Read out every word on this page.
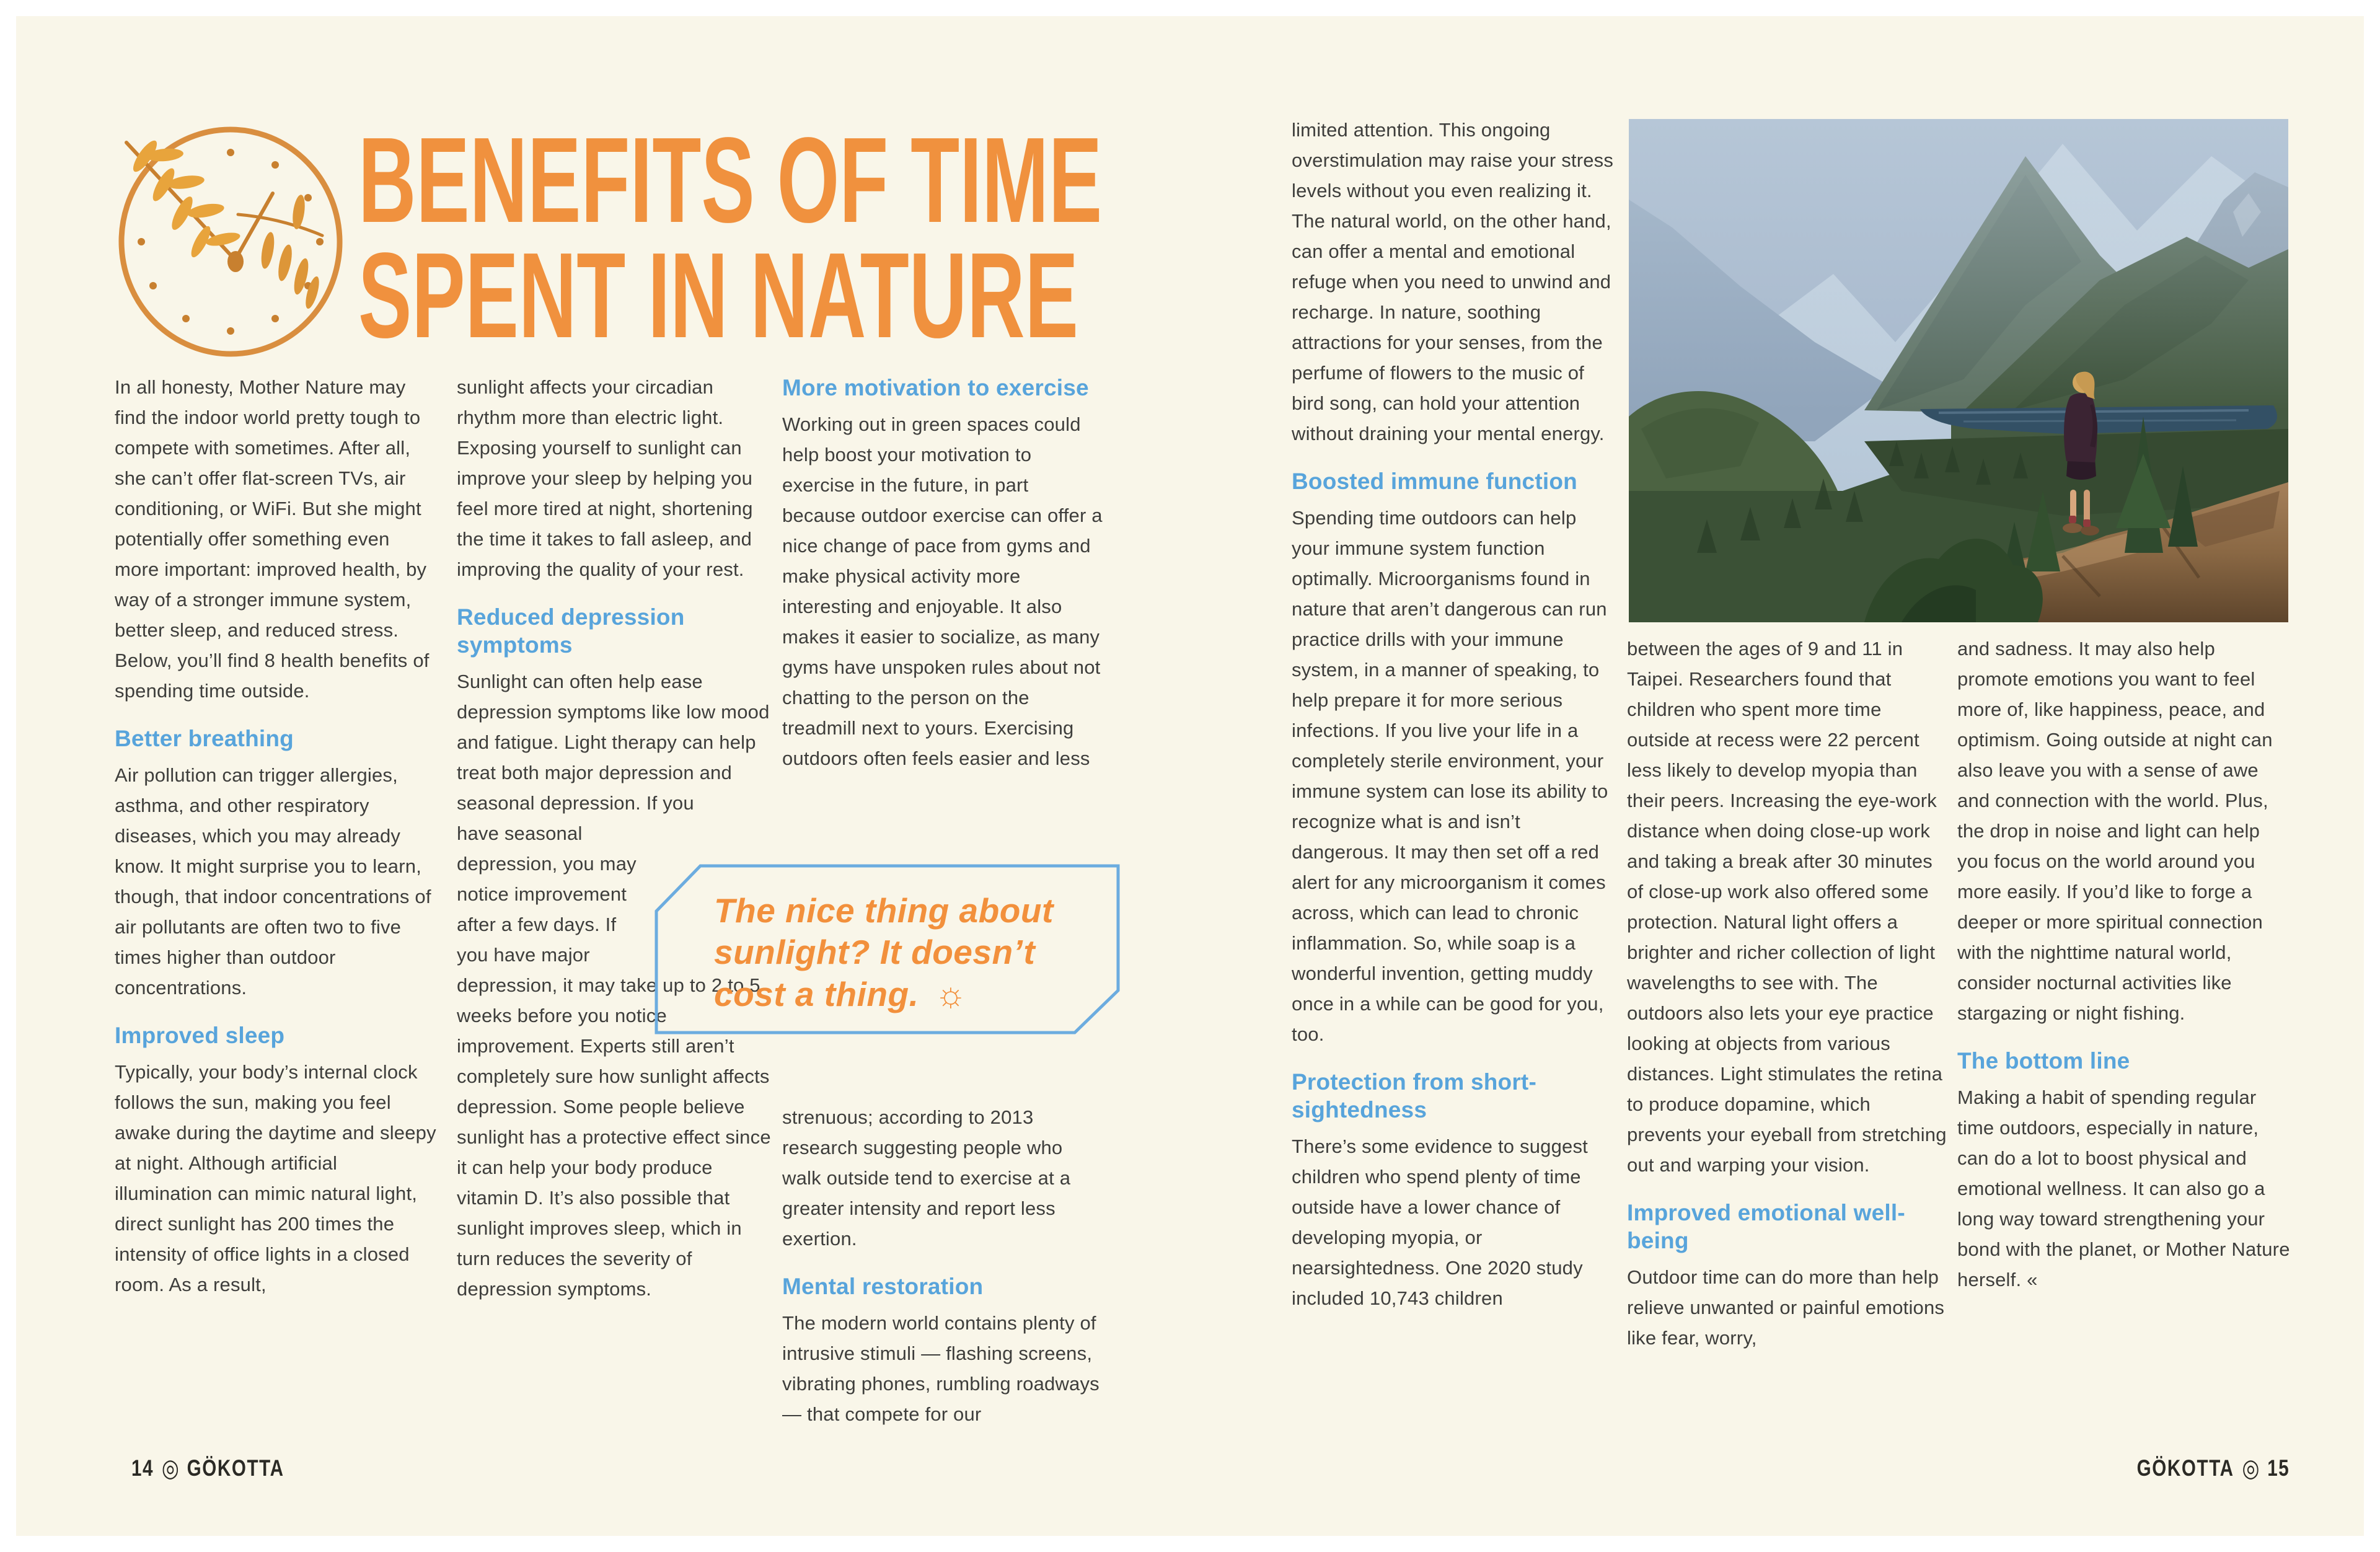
BENEFITS OF TIME
SPENT IN NATURE

In all honesty, Mother Nature may find the indoor world pretty tough to compete with sometimes. After all, she can’t offer flat-screen TVs, air conditioning, or WiFi. But she might potentially offer something even more important: improved health, by way of a stronger immune system, better sleep, and reduced stress. Below, you’ll find 8 health benefits of spending time outside.

Better breathing

Air pollution can trigger allergies, asthma, and other respiratory diseases, which you may already know. It might surprise you to learn, though, that indoor concentrations of air pollutants are often two to five times higher than outdoor concentrations.

Improved sleep

Typically, your body’s internal clock follows the sun, making you feel awake during the daytime and sleepy at night. Although artificial illumination can mimic natural light, direct sunlight has 200 times the intensity of office lights in a closed room. As a result,

sunlight affects your circadian rhythm more than electric light. Exposing yourself to sunlight can improve your sleep by helping you feel more tired at night, shortening the time it takes to fall asleep, and improving the quality of your rest.

Reduced depression symptoms

Sunlight can often help ease depression symptoms like low mood and fatigue. Light therapy can help treat both major depression and seasonal depression. If you

have seasonal depression, you may notice improvement after a few days. If you have major

depression, it may take up to 2 to 5 weeks before you notice improvement. Experts still aren’t completely sure how sunlight affects depression. Some people believe sunlight has a protective effect since it can help your body produce vitamin D. It’s also possible that sunlight improves sleep, which in turn reduces the severity of depression symptoms.

More motivation to exercise

Working out in green spaces could help boost your motivation to exercise in the future, in part because outdoor exercise can offer a nice change of pace from gyms and make physical activity more interesting and enjoyable. It also makes it easier to socialize, as many gyms have unspoken rules about not chatting to the person on the treadmill next to yours. Exercising outdoors often feels easier and less

The nice thing about sunlight? It doesn’t cost a thing. ☼

strenuous; according to 2013 research suggesting people who walk outside tend to exercise at a greater intensity and report less exertion.

Mental restoration

The modern world contains plenty of intrusive stimuli — flashing screens, vibrating phones, rumbling roadways — that compete for our

limited attention. This ongoing overstimulation may raise your stress levels without you even realizing it. The natural world, on the other hand, can offer a mental and emotional refuge when you need to unwind and recharge. In nature, soothing attractions for your senses, from the perfume of flowers to the music of bird song, can hold your attention without draining your mental energy.

Boosted immune function

Spending time outdoors can help your immune system function optimally. Microorganisms found in nature that aren’t dangerous can run practice drills with your immune system, in a manner of speaking, to help prepare it for more serious infections. If you live your life in a completely sterile environment, your immune system can lose its ability to recognize what is and isn’t dangerous. It may then set off a red alert for any microorganism it comes across, which can lead to chronic inflammation. So, while soap is a wonderful invention, getting muddy once in a while can be good for you, too.

Protection from short-sightedness

There’s some evidence to suggest children who spend plenty of time outside have a lower chance of developing myopia, or nearsightedness. One 2020 study included 10,743 children

between the ages of 9 and 11 in Taipei. Researchers found that children who spent more time outside at recess were 22 percent less likely to develop myopia than their peers. Increasing the eye-work distance when doing close-up work and taking a break after 30 minutes of close-up work also offered some protection. Natural light offers a brighter and richer collection of light wavelengths to see with. The outdoors also lets your eye practice looking at objects from various distances. Light stimulates the retina to produce dopamine, which prevents your eyeball from stretching out and warping your vision.

Improved emotional well-being

Outdoor time can do more than help relieve unwanted or painful emotions like fear, worry,

and sadness. It may also help promote emotions you want to feel more of, like happiness, peace, and optimism. Going outside at night can also leave you with a sense of awe and connection with the world. Plus, the drop in noise and light can help you focus on the world around you more easily. If you’d like to forge a deeper or more spiritual connection with the nighttime natural world, consider nocturnal activities like stargazing or night fishing.

The bottom line

Making a habit of spending regular time outdoors, especially in nature, can do a lot to boost physical and emotional wellness. It can also go a long way toward strengthening your bond with the planet, or Mother Nature herself. «

14 ◎ GÖKOTTA	GÖKOTTA ◎ 15
